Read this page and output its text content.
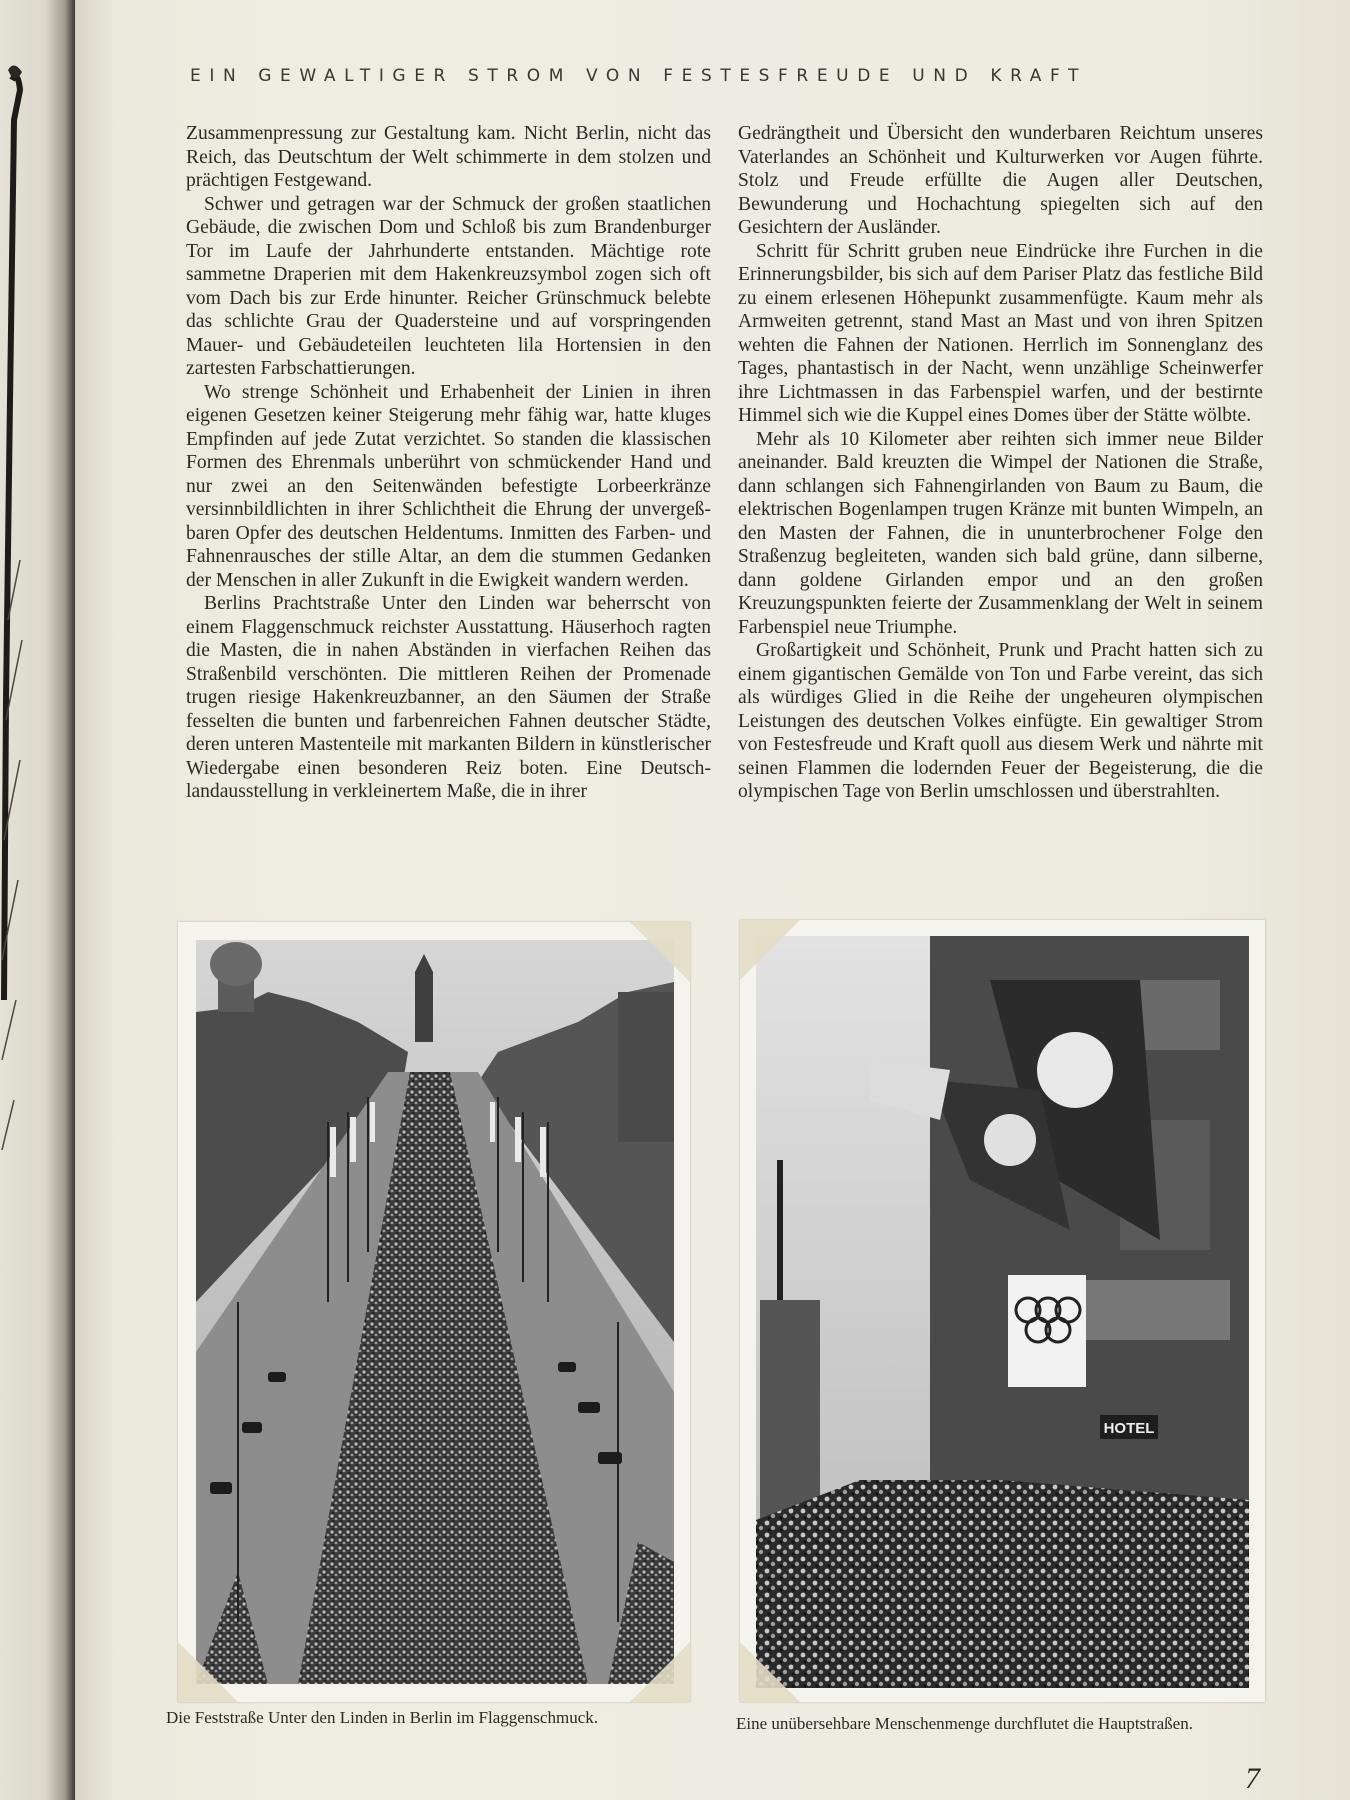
EIN GEWALTIGER STROM VON FESTESFREUDE UND KRAFT

Zusammenpressung zur Gestaltung kam. Nicht Berlin, nicht das Reich, das Deutschtum der Welt schimmerte in dem stolzen und prächtigen Festgewand.

Schwer und getragen war der Schmuck der großen staatlichen Gebäude, die zwischen Dom und Schloß bis zum Brandenburger Tor im Laufe der Jahrhunderte entstanden. Mächtige rote sammetne Draperien mit dem Hakenkreuzsymbol zogen sich oft vom Dach bis zur Erde hinunter. Reicher Grünschmuck belebte das schlichte Grau der Quadersteine und auf vorspringenden Mauer- und Gebäudeteilen leuchteten lila Hortensien in den zartesten Farbschattierungen.

Wo strenge Schönheit und Erhabenheit der Linien in ihren eigenen Gesetzen keiner Steigerung mehr fähig war, hatte kluges Empfinden auf jede Zutat verzichtet. So standen die klassischen Formen des Ehrenmals unberührt von schmückender Hand und nur zwei an den Seitenwänden befestigte Lorbeerkränze versinnbildlichten in ihrer Schlichtheit die Ehrung der unvergeßbaren Opfer des deutschen Heldentums. Inmitten des Farben- und Fahnenrausches der stille Altar, an dem die stummen Gedanken der Menschen in aller Zukunft in die Ewigkeit wandern werden.

Berlins Prachtstraße Unter den Linden war beherrscht von einem Flaggenschmuck reichster Ausstattung. Häuserhoch ragten die Masten, die in nahen Abständen in vierfachen Reihen das Straßenbild verschönten. Die mittleren Reihen der Promenade trugen riesige Hakenkreuzbanner, an den Säumen der Straße fesselten die bunten und farbenreichen Fahnen deutscher Städte, deren unteren Mastenteile mit markanten Bildern in künstlerischer Wiedergabe einen besonderen Reiz boten. Eine Deutschlandausstellung in verkleinertem Maße, die in ihrer

Gedrängtheit und Übersicht den wunderbaren Reichtum unseres Vaterlandes an Schönheit und Kulturwerken vor Augen führte. Stolz und Freude erfüllte die Augen aller Deutschen, Bewunderung und Hochachtung spiegelten sich auf den Gesichtern der Ausländer.

Schritt für Schritt gruben neue Eindrücke ihre Furchen in die Erinnerungsbilder, bis sich auf dem Pariser Platz das festliche Bild zu einem erlesenen Höhepunkt zusammenfügte. Kaum mehr als Armweiten getrennt, stand Mast an Mast und von ihren Spitzen wehten die Fahnen der Nationen. Herrlich im Sonnenglanz des Tages, phantastisch in der Nacht, wenn unzählige Scheinwerfer ihre Lichtmassen in das Farbenspiel warfen, und der bestirnte Himmel sich wie die Kuppel eines Domes über der Stätte wölbte.

Mehr als 10 Kilometer aber reihten sich immer neue Bilder aneinander. Bald kreuzten die Wimpel der Nationen die Straße, dann schlangen sich Fahnengirlanden von Baum zu Baum, die elektrischen Bogenlampen trugen Kränze mit bunten Wimpeln, an den Masten der Fahnen, die in ununterbrochener Folge den Straßenzug begleiteten, wanden sich bald grüne, dann silberne, dann goldene Girlanden empor und an den großen Kreuzungspunkten feierte der Zusammenklang der Welt in seinem Farbenspiel neue Triumphe.

Großartigkeit und Schönheit, Prunk und Pracht hatten sich zu einem gigantischen Gemälde von Ton und Farbe vereint, das sich als würdiges Glied in die Reihe der ungeheuren olympischen Leistungen des deutschen Volkes einfügte. Ein gewaltiger Strom von Festesfreude und Kraft quoll aus diesem Werk und nährte mit seinen Flammen die lodernden Feuer der Begeisterung, die die olympischen Tage von Berlin umschlossen und überstrahlten.

HOTEL
Die Feststraße Unter den Linden in Berlin im Flaggenschmuck.	Eine unübersehbare Menschenmenge durchflutet die Hauptstraßen.
7
